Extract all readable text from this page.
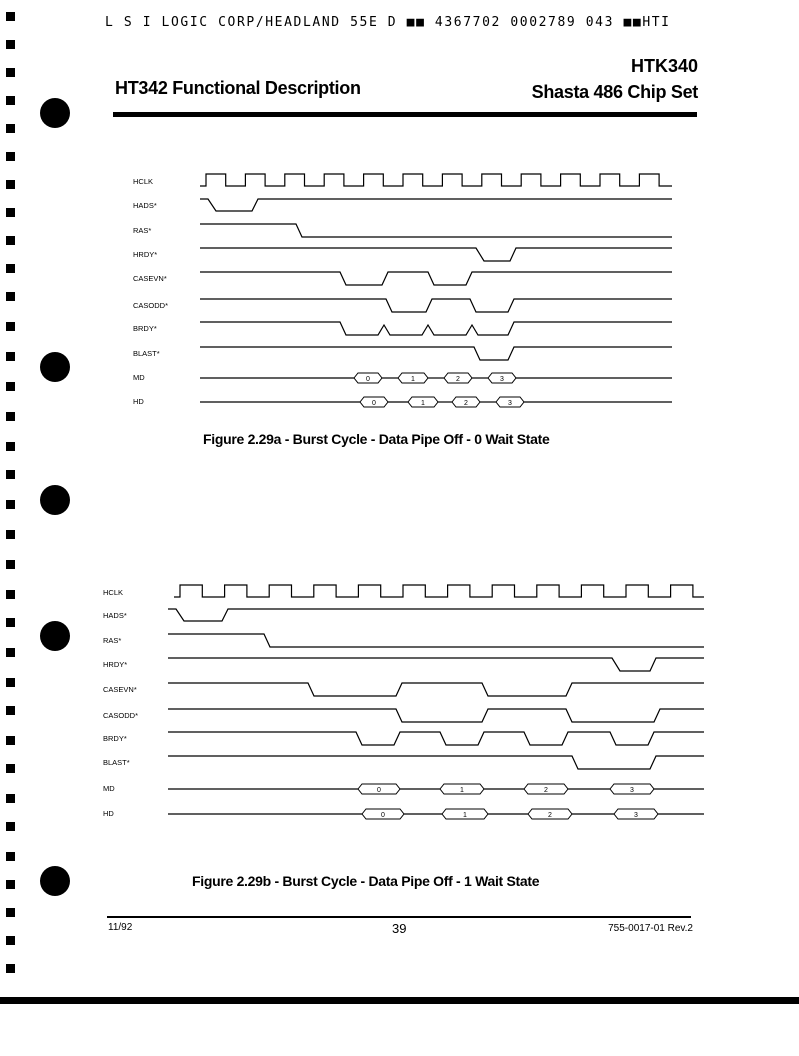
L S I LOGIC CORP/HEADLAND 55E D ■■ 4367702 0002789 043 ■■HTI
HT342 Functional Description
HTK340
Shasta 486 Chip Set
HCLK
HADS*
RAS*
HRDY*
CASEVN*
CASODD*
BRDY*
BLAST*
MD
HD
0	1	2	3
0	1	2	3
HCLK
HADS*
RAS*
HRDY*
CASEVN*
CASODD*
BRDY*
BLAST*
MD
HD
0	1	2	3
0	1	2	3
Figure 2.29a - Burst Cycle - Data Pipe Off - 0 Wait State
Figure 2.29b - Burst Cycle - Data Pipe Off - 1 Wait State
11/92	39	755-0017-01 Rev.2
